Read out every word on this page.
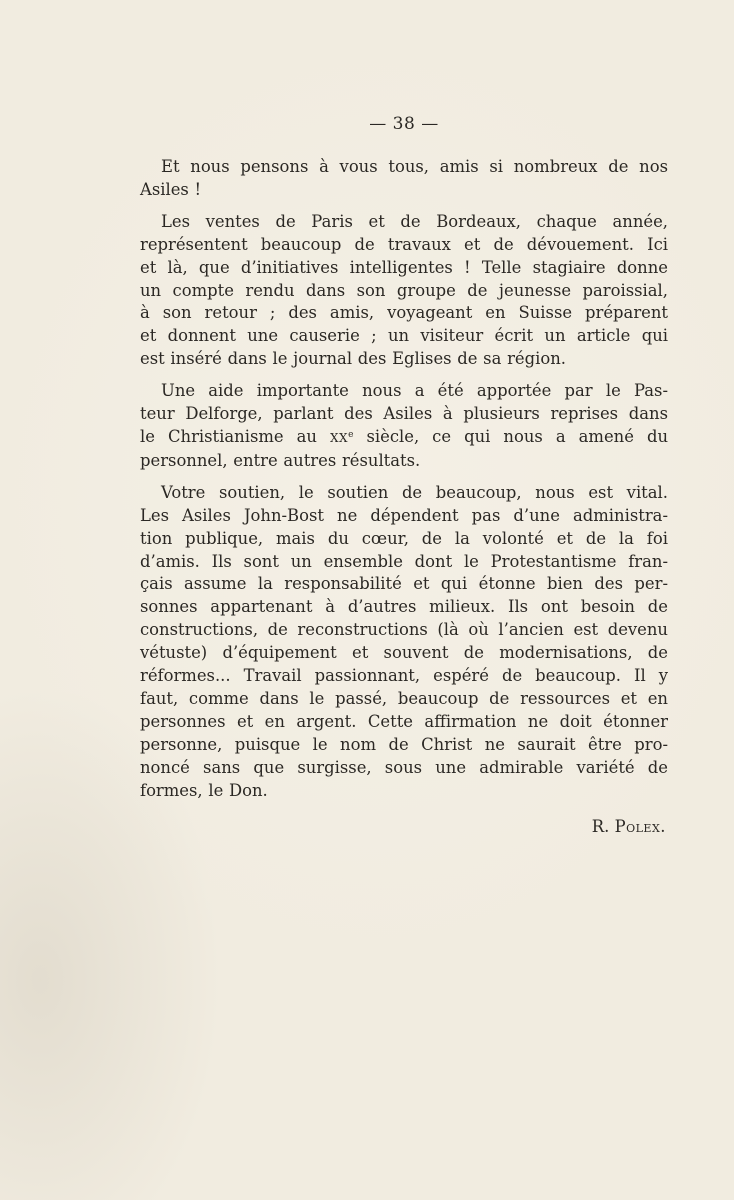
— 38 —

Et nous pensons à vous tous, amis si nombreux de nos
Asiles !

Les ventes de Paris et de Bordeaux, chaque année,
représentent beaucoup de travaux et de dévouement. Ici
et là, que d’initiatives intelligentes ! Telle stagiaire donne
un compte rendu dans son groupe de jeunesse paroissial,
à son retour ; des amis, voyageant en Suisse préparent
et donnent une causerie ; un visiteur écrit un article qui
est inséré dans le journal des Eglises de sa région.

Une aide importante nous a été apportée par le Pas-
teur Delforge, parlant des Asiles à plusieurs reprises dans
le Christianisme au XXe siècle, ce qui nous a amené du
personnel, entre autres résultats.

Votre soutien, le soutien de beaucoup, nous est vital.
Les Asiles John-Bost ne dépendent pas d’une administra-
tion publique, mais du cœur, de la volonté et de la foi
d’amis. Ils sont un ensemble dont le Protestantisme fran-
çais assume la responsabilité et qui étonne bien des per-
sonnes appartenant à d’autres milieux. Ils ont besoin de
constructions, de reconstructions (là où l’ancien est devenu
vétuste) d’équipement et souvent de modernisations, de
réformes... Travail passionnant, espéré de beaucoup. Il y
faut, comme dans le passé, beaucoup de ressources et en
personnes et en argent. Cette affirmation ne doit étonner
personne, puisque le nom de Christ ne saurait être pro-
noncé sans que surgisse, sous une admirable variété de
formes, le Don.

R. Polex.
